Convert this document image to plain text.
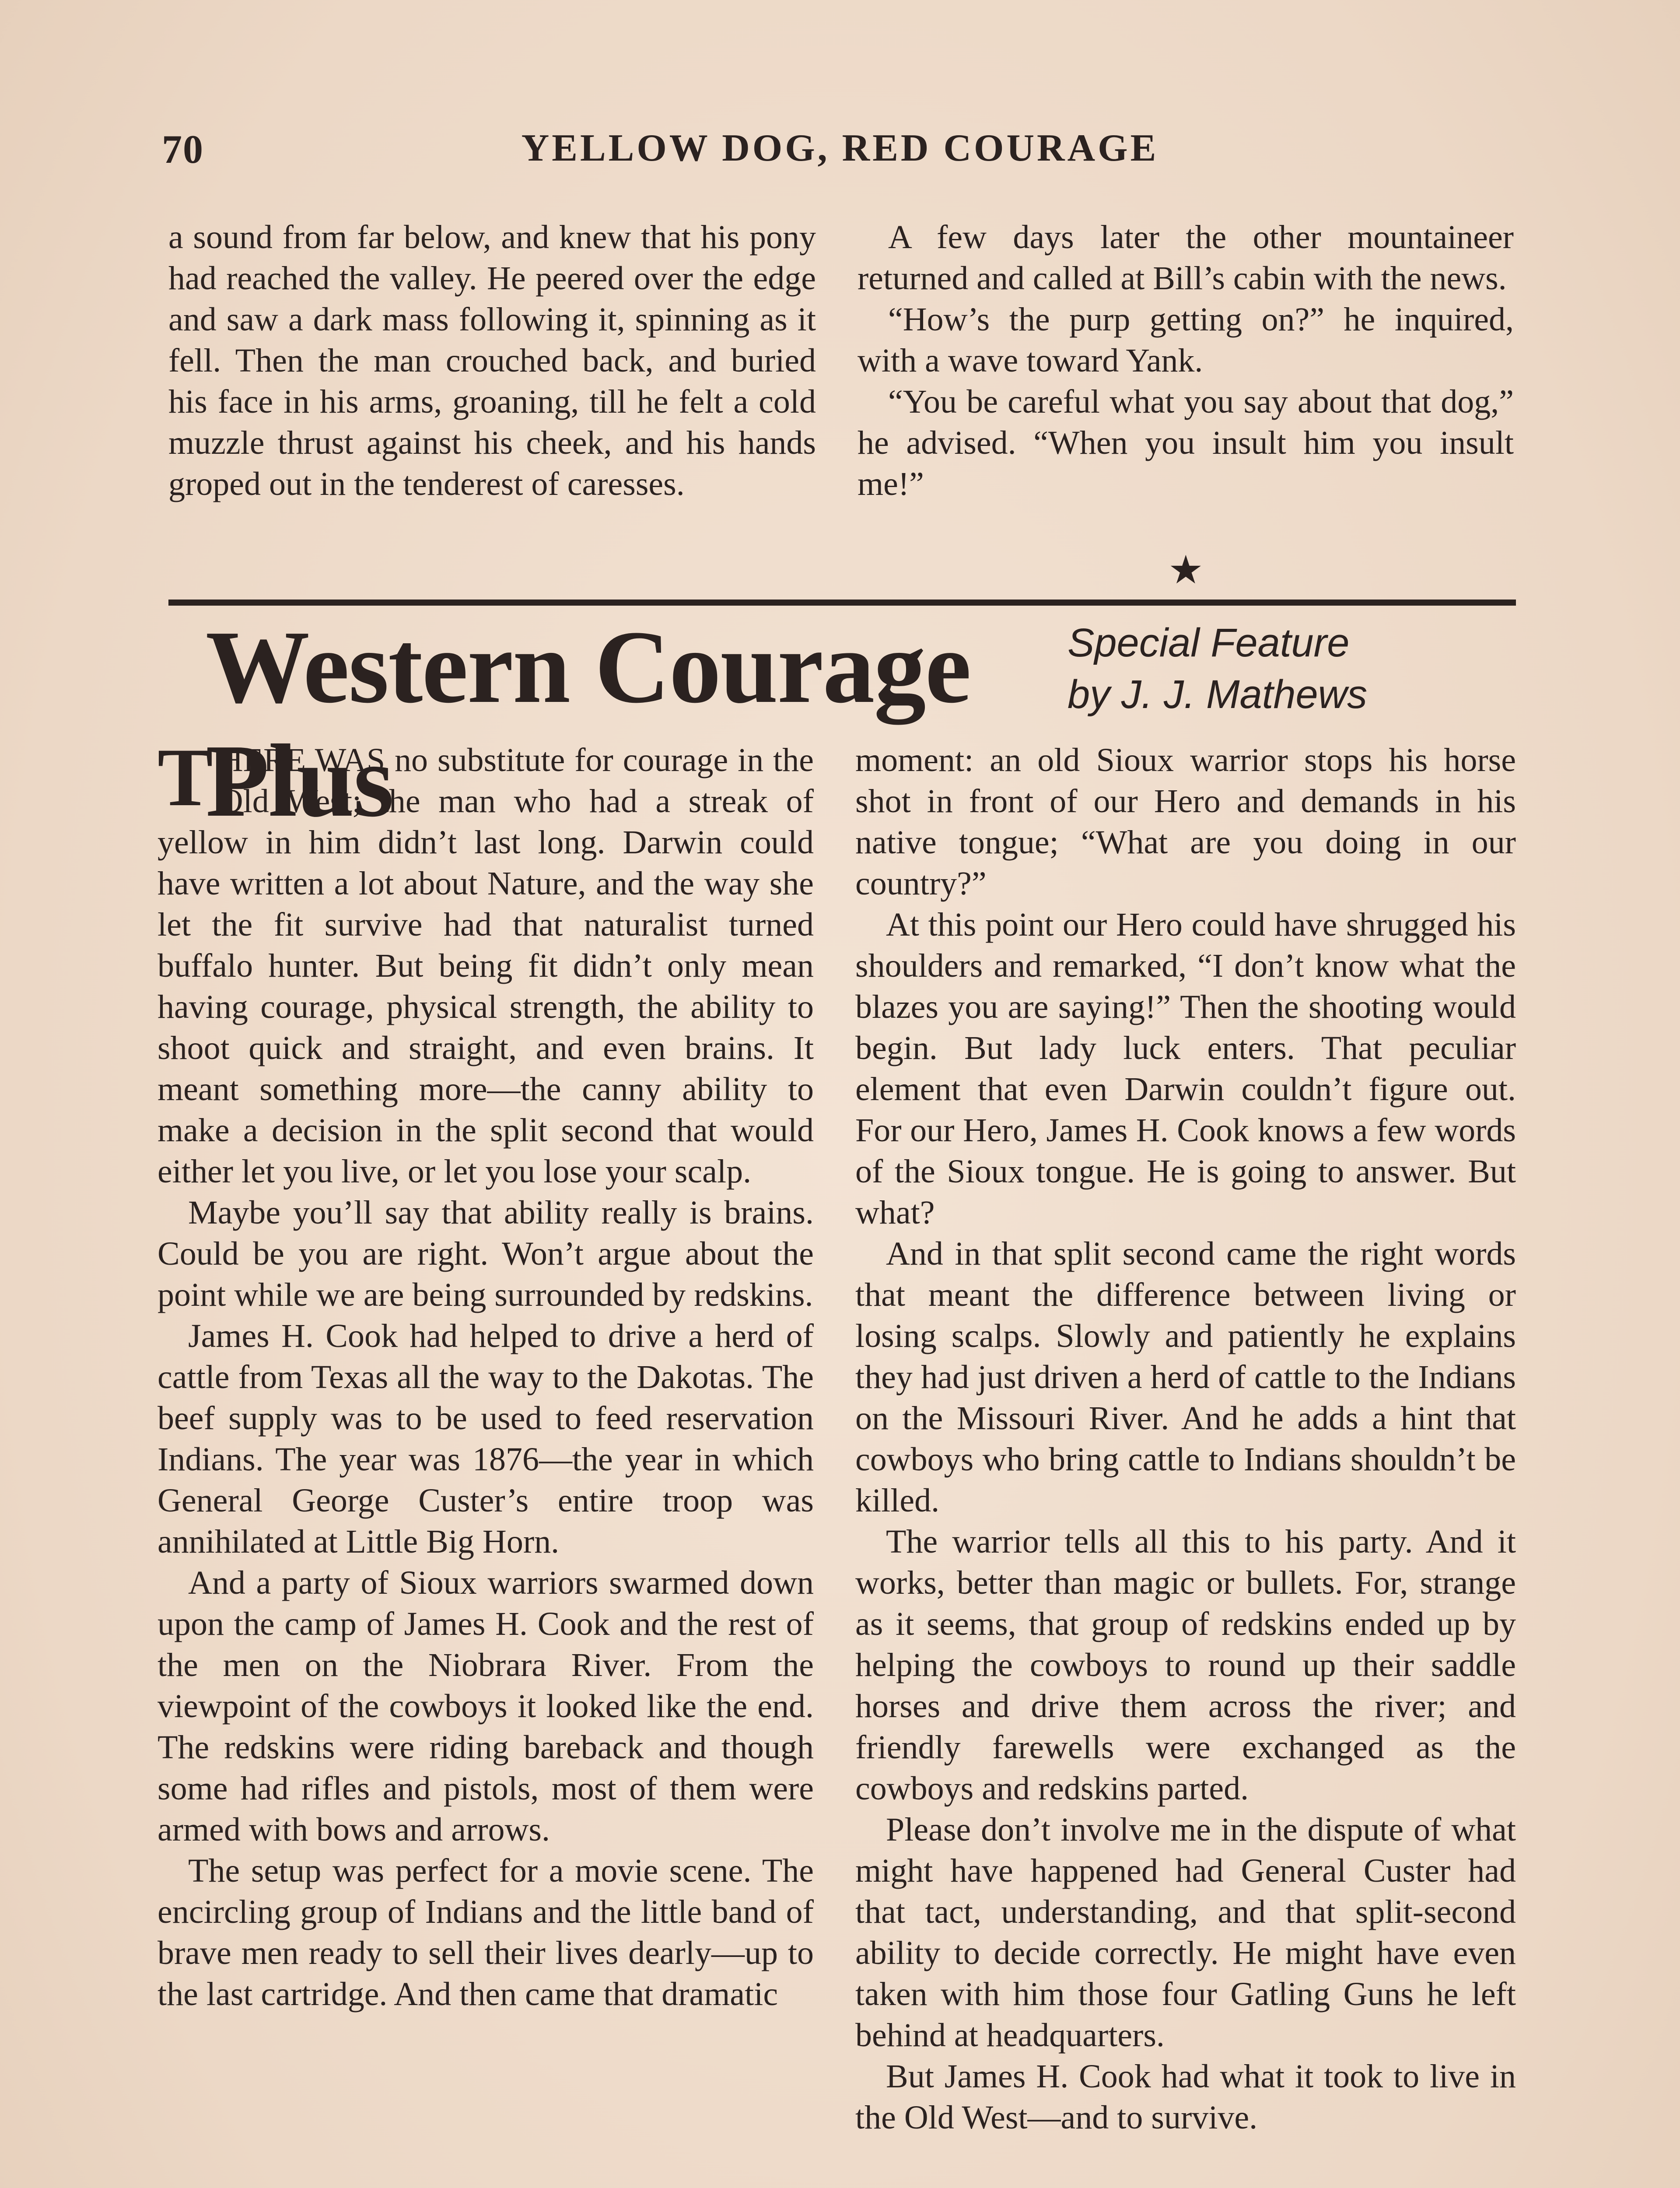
70	YELLOW DOG, RED COURAGE

a sound from far below, and knew that his pony had reached the valley. He peered over the edge and saw a dark mass following it, spinning as it fell. Then the man crouched back, and buried his face in his arms, groaning, till he felt a cold muzzle thrust against his cheek, and his hands groped out in the tenderest of caresses.

A few days later the other mountaineer returned and called at Bill’s cabin with the news.

“How’s the purp getting on?” he inquired, with a wave toward Yank.

“You be careful what you say about that dog,” he advised. “When you insult him you insult me!”

★
Western Courage Plus
Special Feature
by J. J. Mathews

THERE WAS no substitute for courage in the Old West; the man who had a streak of yellow in him didn’t last long. Darwin could have written a lot about Nature, and the way she let the fit survive had that naturalist turned buffalo hunter. But being fit didn’t only mean having courage, physical strength, the ability to shoot quick and straight, and even brains. It meant something more—the canny ability to make a decision in the split second that would either let you live, or let you lose your scalp.

Maybe you’ll say that ability really is brains. Could be you are right. Won’t argue about the point while we are being surrounded by redskins.

James H. Cook had helped to drive a herd of cattle from Texas all the way to the Dakotas. The beef supply was to be used to feed reservation Indians. The year was 1876—the year in which General George Custer’s entire troop was annihilated at Little Big Horn.

And a party of Sioux warriors swarmed down upon the camp of James H. Cook and the rest of the men on the Niobrara River. From the viewpoint of the cowboys it looked like the end. The redskins were riding bareback and though some had rifles and pistols, most of them were armed with bows and arrows.

The setup was perfect for a movie scene. The encircling group of Indians and the little band of brave men ready to sell their lives dearly—up to the last cartridge. And then came that dramatic

moment: an old Sioux warrior stops his horse shot in front of our Hero and demands in his native tongue; “What are you doing in our country?”

At this point our Hero could have shrugged his shoulders and remarked, “I don’t know what the blazes you are saying!” Then the shooting would begin. But lady luck enters. That peculiar element that even Darwin couldn’t figure out. For our Hero, James H. Cook knows a few words of the Sioux tongue. He is going to answer. But what?

And in that split second came the right words that meant the difference between living or losing scalps. Slowly and patiently he explains they had just driven a herd of cattle to the Indians on the Missouri River. And he adds a hint that cowboys who bring cattle to Indians shouldn’t be killed.

The warrior tells all this to his party. And it works, better than magic or bullets. For, strange as it seems, that group of redskins ended up by helping the cowboys to round up their saddle horses and drive them across the river; and friendly farewells were exchanged as the cowboys and redskins parted.

Please don’t involve me in the dispute of what might have happened had General Custer had that tact, understanding, and that split-second ability to decide correctly. He might have even taken with him those four Gatling Guns he left behind at headquarters.

But James H. Cook had what it took to live in the Old West—and to survive.
